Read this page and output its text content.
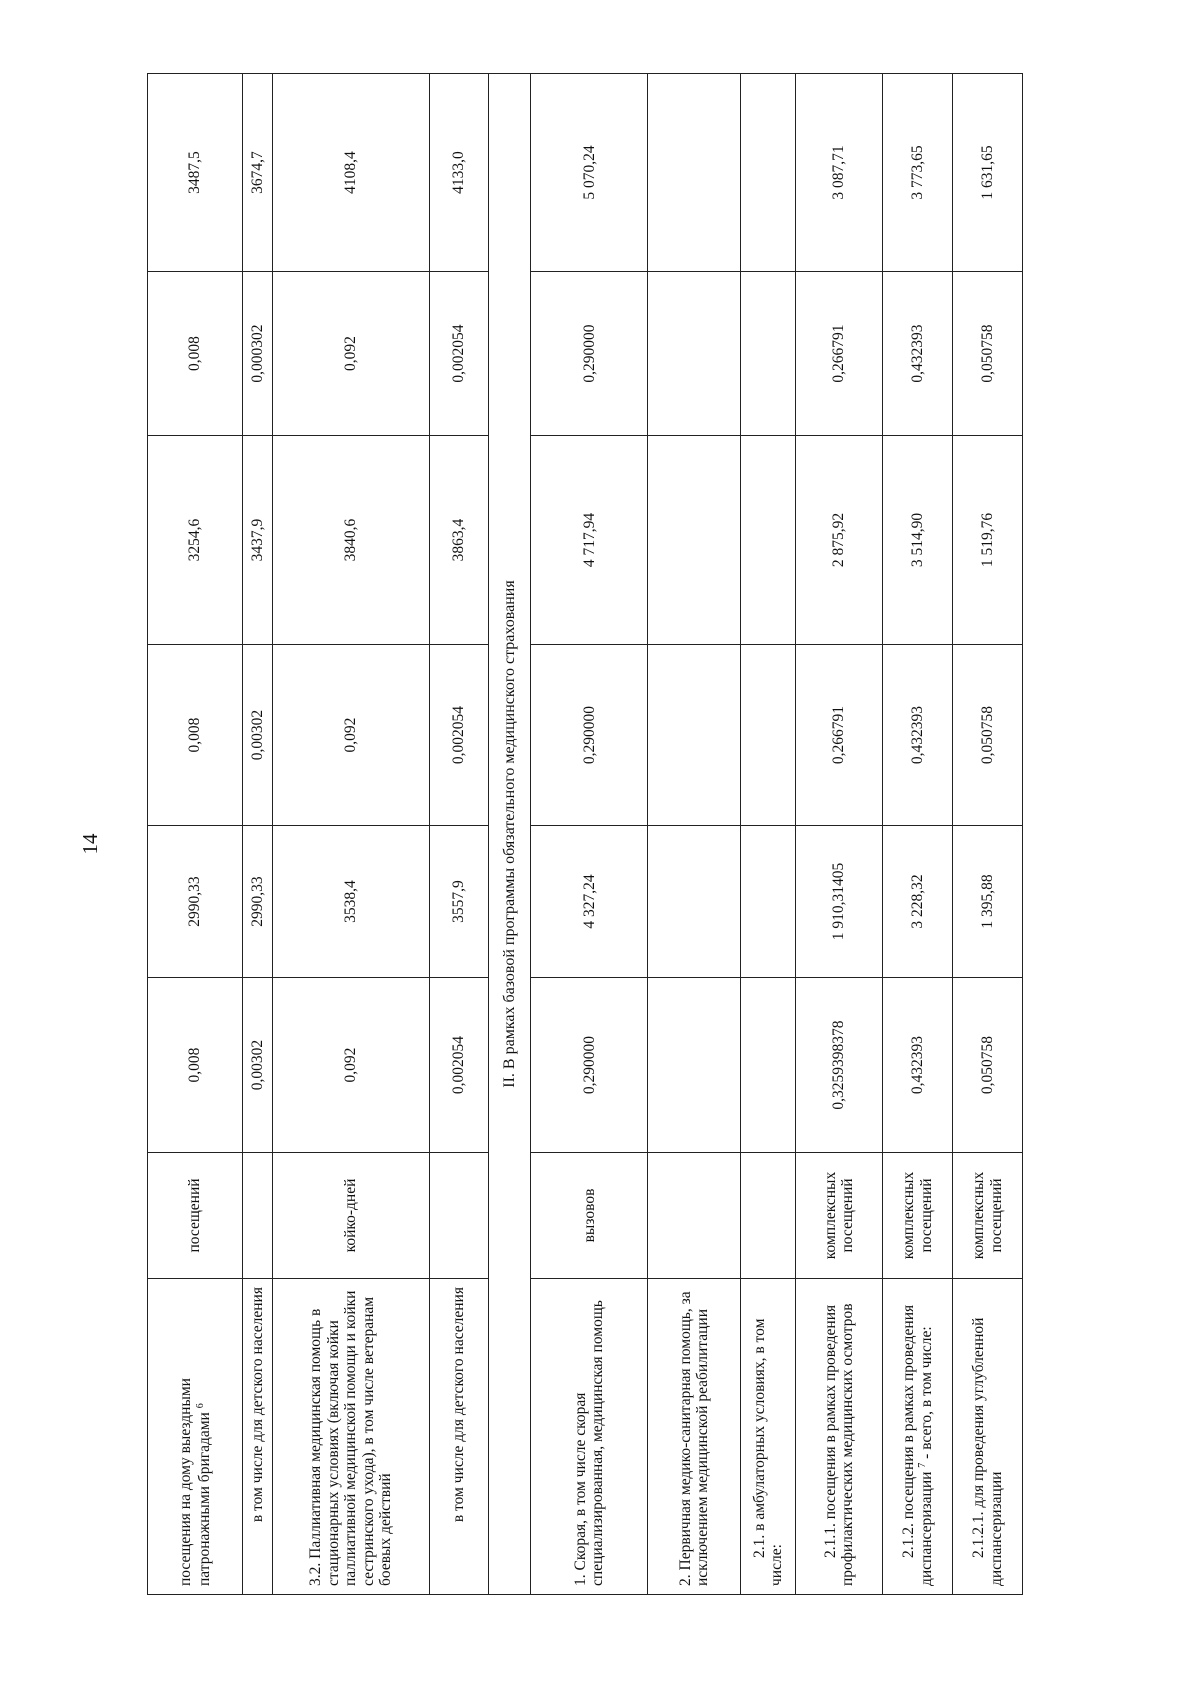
14
посещения на дому выездными патронажными бригадами $^6$	посещений	0,008	2990,33	0,008	3254,6	0,008	3487,5
в том числе для детского населения		0,00302	2990,33	0,00302	3437,9	0,000302	3674,7
3.2. Паллиативная медицинская помощь в стационарных условиях (включая койки паллиативной медицинской помощи и койки сестринского ухода), в том числе ветеранам боевых действий	койко-дней	0,092	3538,4	0,092	3840,6	0,092	4108,4
в том числе для детского населения		0,002054	3557,9	0,002054	3863,4	0,002054	4133,0
II. В рамках базовой программы обязательного медицинского страхования							
1. Скорая, в том числе скорая специализированная, медицинская помощь	вызовов	0,290000	4 327,24	0,290000	4 717,94	0,290000	5 070,24
2. Первичная медико-санитарная помощь, за исключением медицинской реабилитации							
2.1. в амбулаторных условиях, в том числе:							
2.1.1. посещения в рамках проведения профилактических медицинских осмотров	комплексных посещений	0,3259398378	1 910,31405	0,266791	2 875,92	0,266791	3 087,71
2.1.2. посещения в рамках проведения диспансеризации $^7$ - всего, в том числе:	комплексных посещений	0,432393	3 228,32	0,432393	3 514,90	0,432393	3 773,65
2.1.2.1. для проведения углубленной диспансеризации	комплексных посещений	0,050758	1 395,88	0,050758	1 519,76	0,050758	1 631,65
